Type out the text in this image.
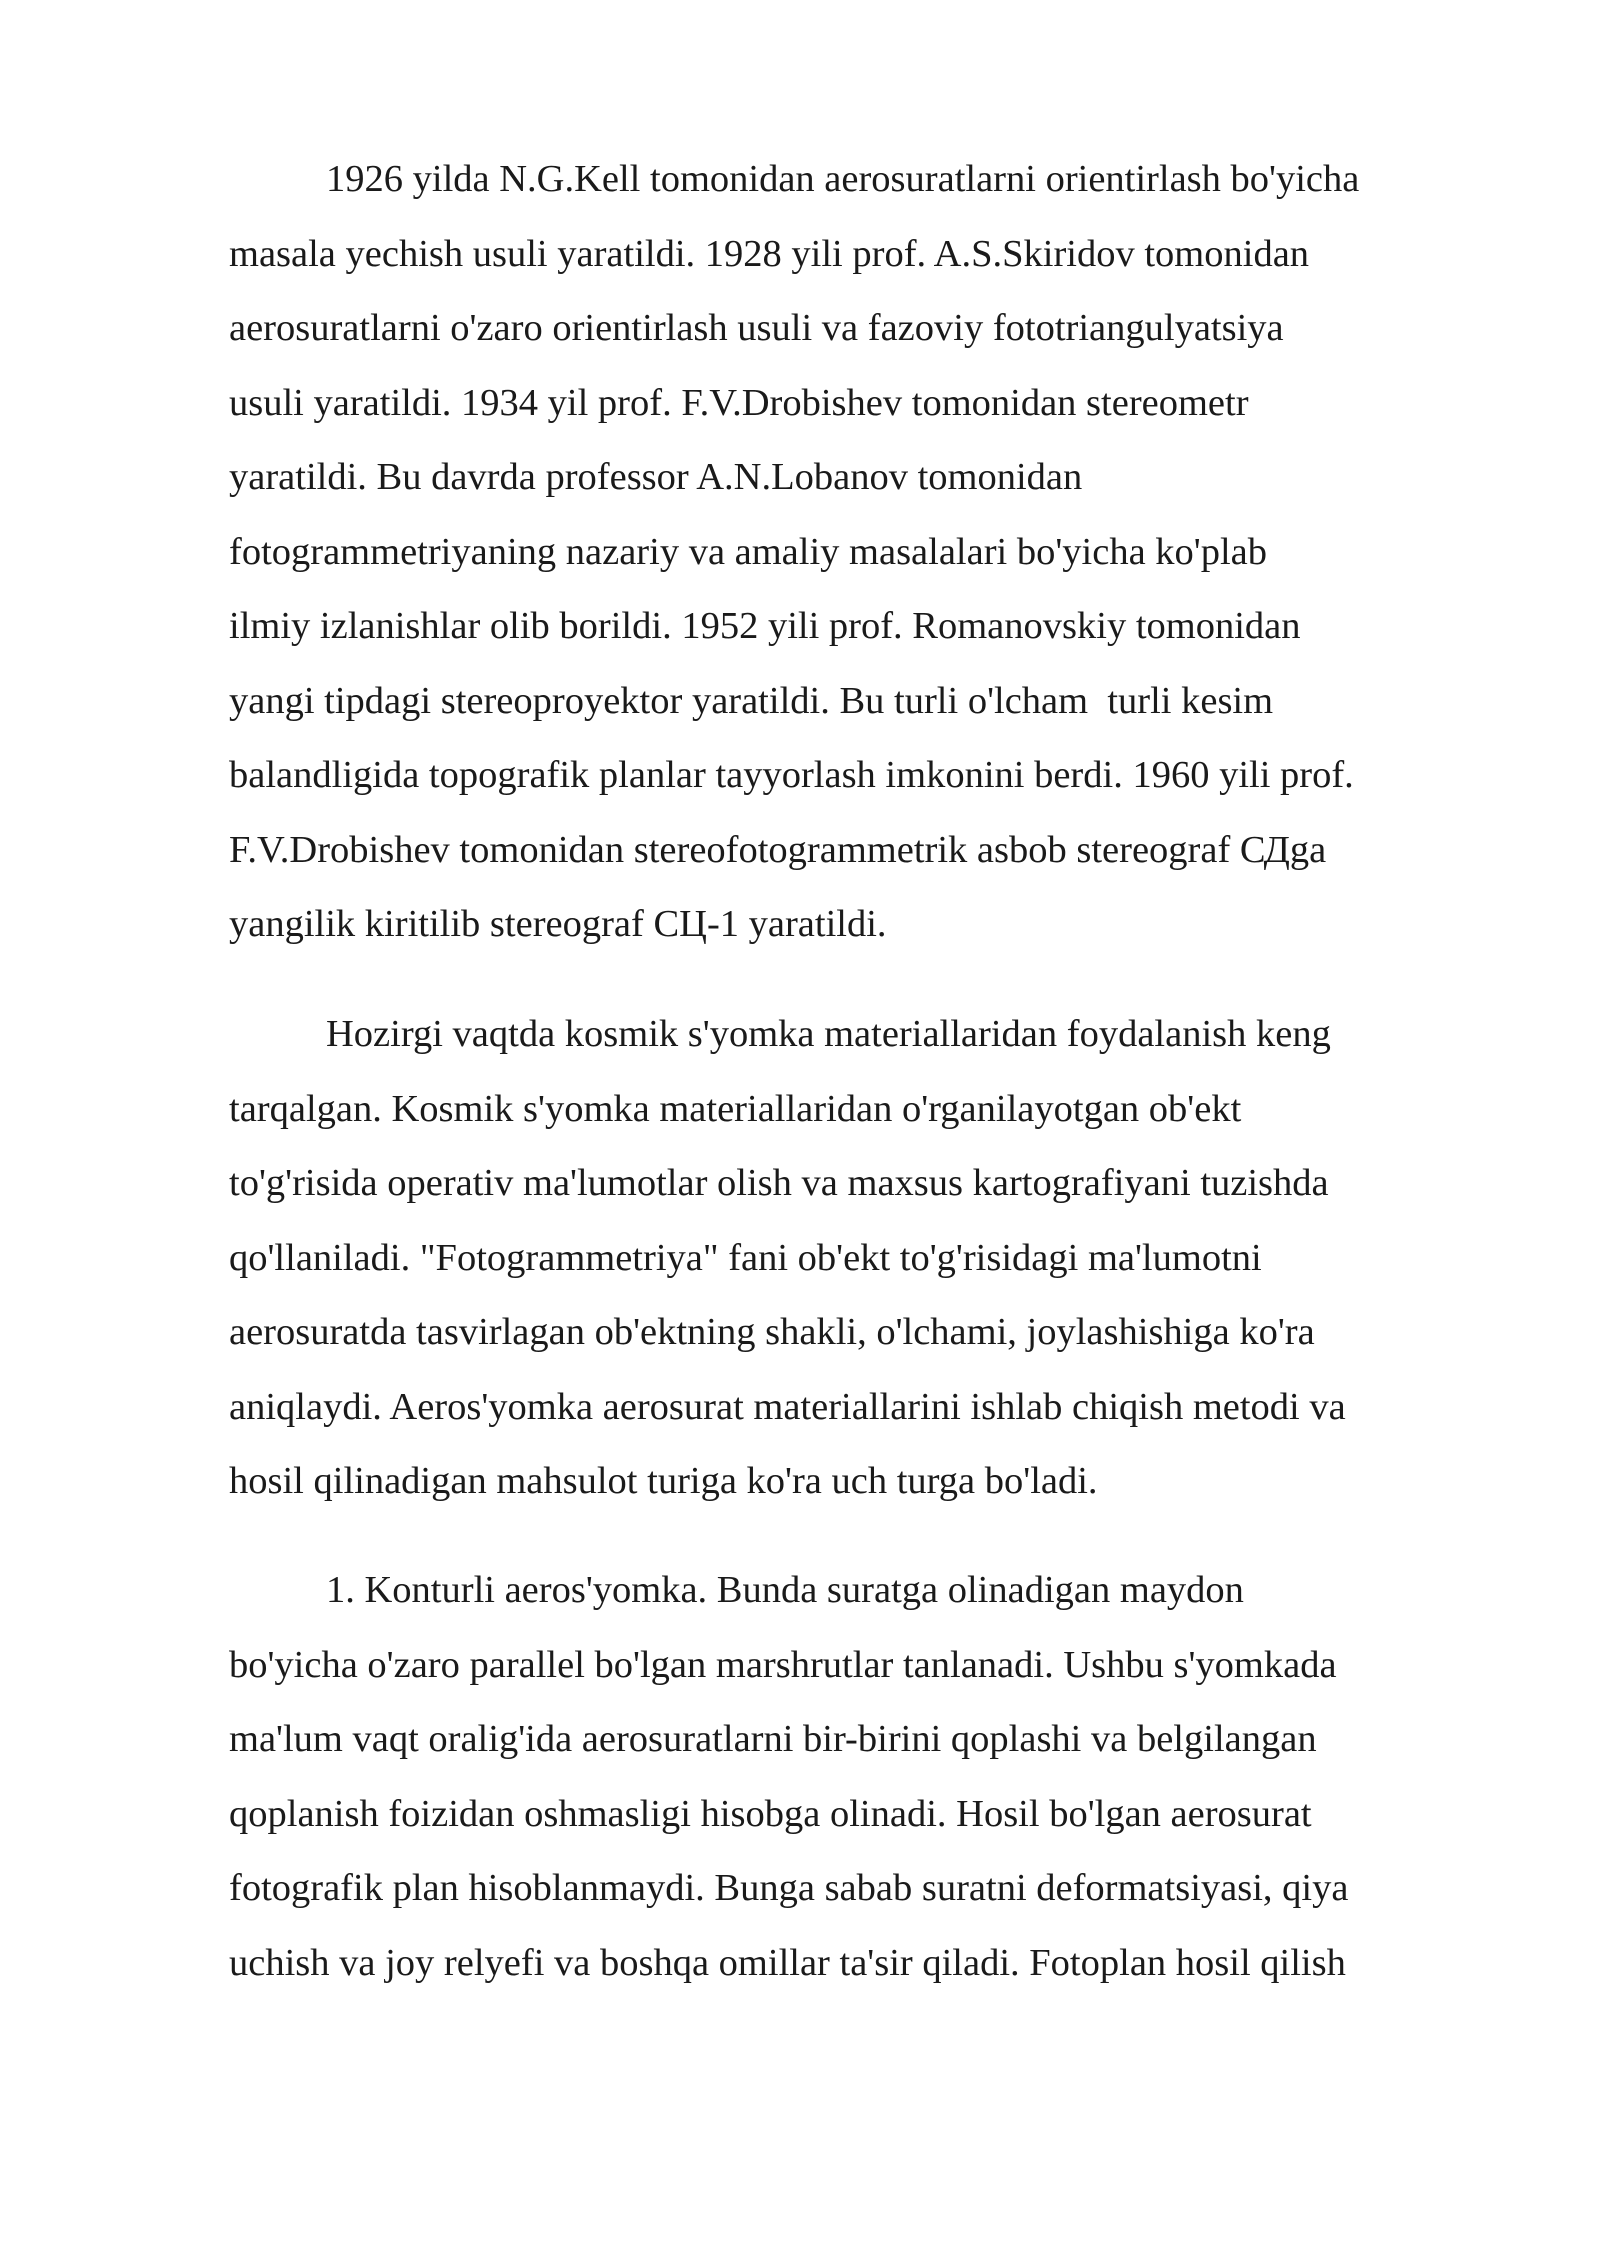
1926 yilda N.G.Kell tomonidan aerosuratlarni orientirlash bo'yicha
masala yechish usuli yaratildi. 1928 yili prof. A.S.Skiridov tomonidan
aerosuratlarni o'zaro orientirlash usuli va fazoviy fototriangulyatsiya
usuli yaratildi. 1934 yil prof. F.V.Drobishev tomonidan stereometr
yaratildi. Bu davrda professor A.N.Lobanov tomonidan
fotogrammetriyaning nazariy va amaliy masalalari bo'yicha ko'plab
ilmiy izlanishlar olib borildi. 1952 yili prof. Romanovskiy tomonidan
yangi tipdagi stereoproyektor yaratildi. Bu turli o'lcham  turli kesim
balandligida topografik planlar tayyorlash imkonini berdi. 1960 yili prof.
F.V.Drobishev tomonidan stereofotogrammetrik asbob stereograf СДga
yangilik kiritilib stereograf СЦ-1 yaratildi.
Hozirgi vaqtda kosmik s'yomka materiallaridan foydalanish keng
tarqalgan. Kosmik s'yomka materiallaridan o'rganilayotgan ob'ekt
to'g'risida operativ ma'lumotlar olish va maxsus kartografiyani tuzishda
qo'llaniladi. "Fotogrammetriya" fani ob'ekt to'g'risidagi ma'lumotni
aerosuratda tasvirlagan ob'ektning shakli, o'lchami, joylashishiga ko'ra
aniqlaydi. Aeros'yomka aerosurat materiallarini ishlab chiqish metodi va
hosil qilinadigan mahsulot turiga ko'ra uch turga bo'ladi.
1. Konturli aeros'yomka. Bunda suratga olinadigan maydon
bo'yicha o'zaro parallel bo'lgan marshrutlar tanlanadi. Ushbu s'yomkada
ma'lum vaqt oralig'ida aerosuratlarni bir-birini qoplashi va belgilangan
qoplanish foizidan oshmasligi hisobga olinadi. Hosil bo'lgan aerosurat
fotografik plan hisoblanmaydi. Bunga sabab suratni deformatsiyasi, qiya
uchish va joy relyefi va boshqa omillar ta'sir qiladi. Fotoplan hosil qilish
